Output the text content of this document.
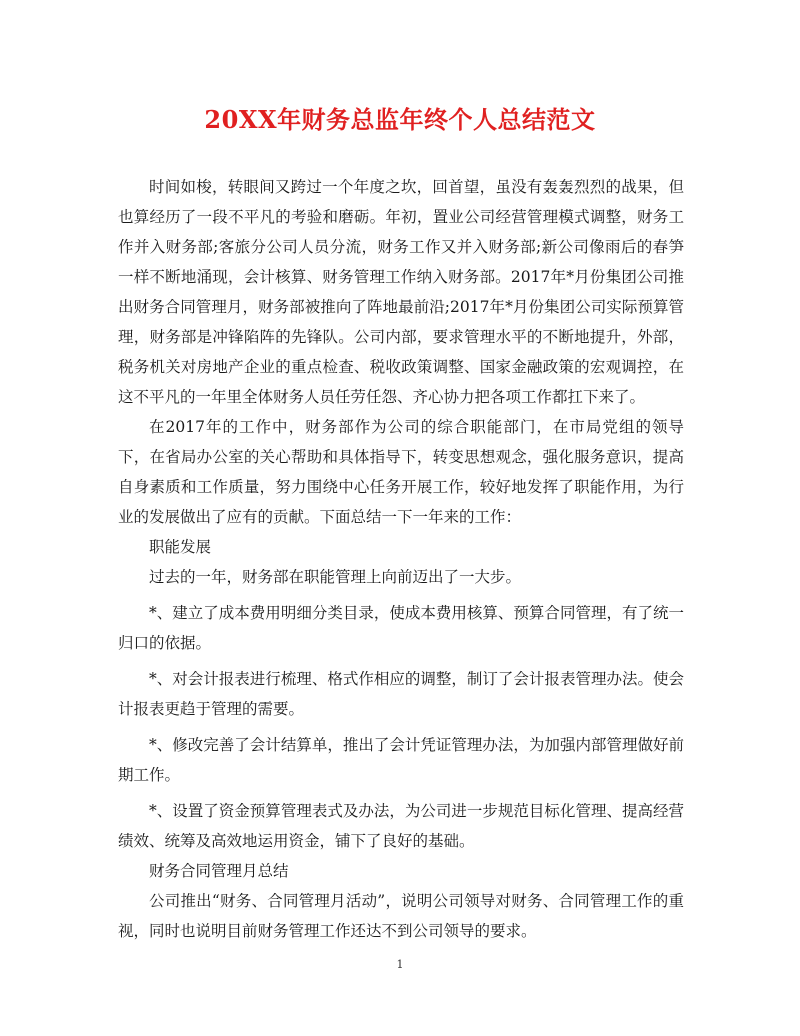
20XX年财务总监年终个人总结范文

时间如梭，转眼间又跨过一个年度之坎，回首望，虽没有轰轰烈烈的战果，但也算经历了一段不平凡的考验和磨砺。年初，置业公司经营管理模式调整，财务工作并入财务部;客旅分公司人员分流，财务工作又并入财务部;新公司像雨后的春笋一样不断地涌现，会计核算、财务管理工作纳入财务部。2017年*月份集团公司推出财务合同管理月，财务部被推向了阵地最前沿;2017年*月份集团公司实际预算管理，财务部是冲锋陷阵的先锋队。公司内部，要求管理水平的不断地提升，外部，税务机关对房地产企业的重点检查、税收政策调整、国家金融政策的宏观调控，在这不平凡的一年里全体财务人员任劳任怨、齐心协力把各项工作都扛下来了。

在2017年的工作中，财务部作为公司的综合职能部门，在市局党组的领导下，在省局办公室的关心帮助和具体指导下，转变思想观念，强化服务意识，提高自身素质和工作质量，努力围绕中心任务开展工作，较好地发挥了职能作用，为行业的发展做出了应有的贡献。下面总结一下一年来的工作：

职能发展

过去的一年，财务部在职能管理上向前迈出了一大步。

*、建立了成本费用明细分类目录，使成本费用核算、预算合同管理，有了统一归口的依据。

*、对会计报表进行梳理、格式作相应的调整，制订了会计报表管理办法。使会计报表更趋于管理的需要。

*、修改完善了会计结算单，推出了会计凭证管理办法，为加强内部管理做好前期工作。

*、设置了资金预算管理表式及办法，为公司进一步规范目标化管理、提高经营绩效、统筹及高效地运用资金，铺下了良好的基础。

财务合同管理月总结

公司推出“财务、合同管理月活动”，说明公司领导对财务、合同管理工作的重视，同时也说明目前财务管理工作还达不到公司领导的要求。

1
